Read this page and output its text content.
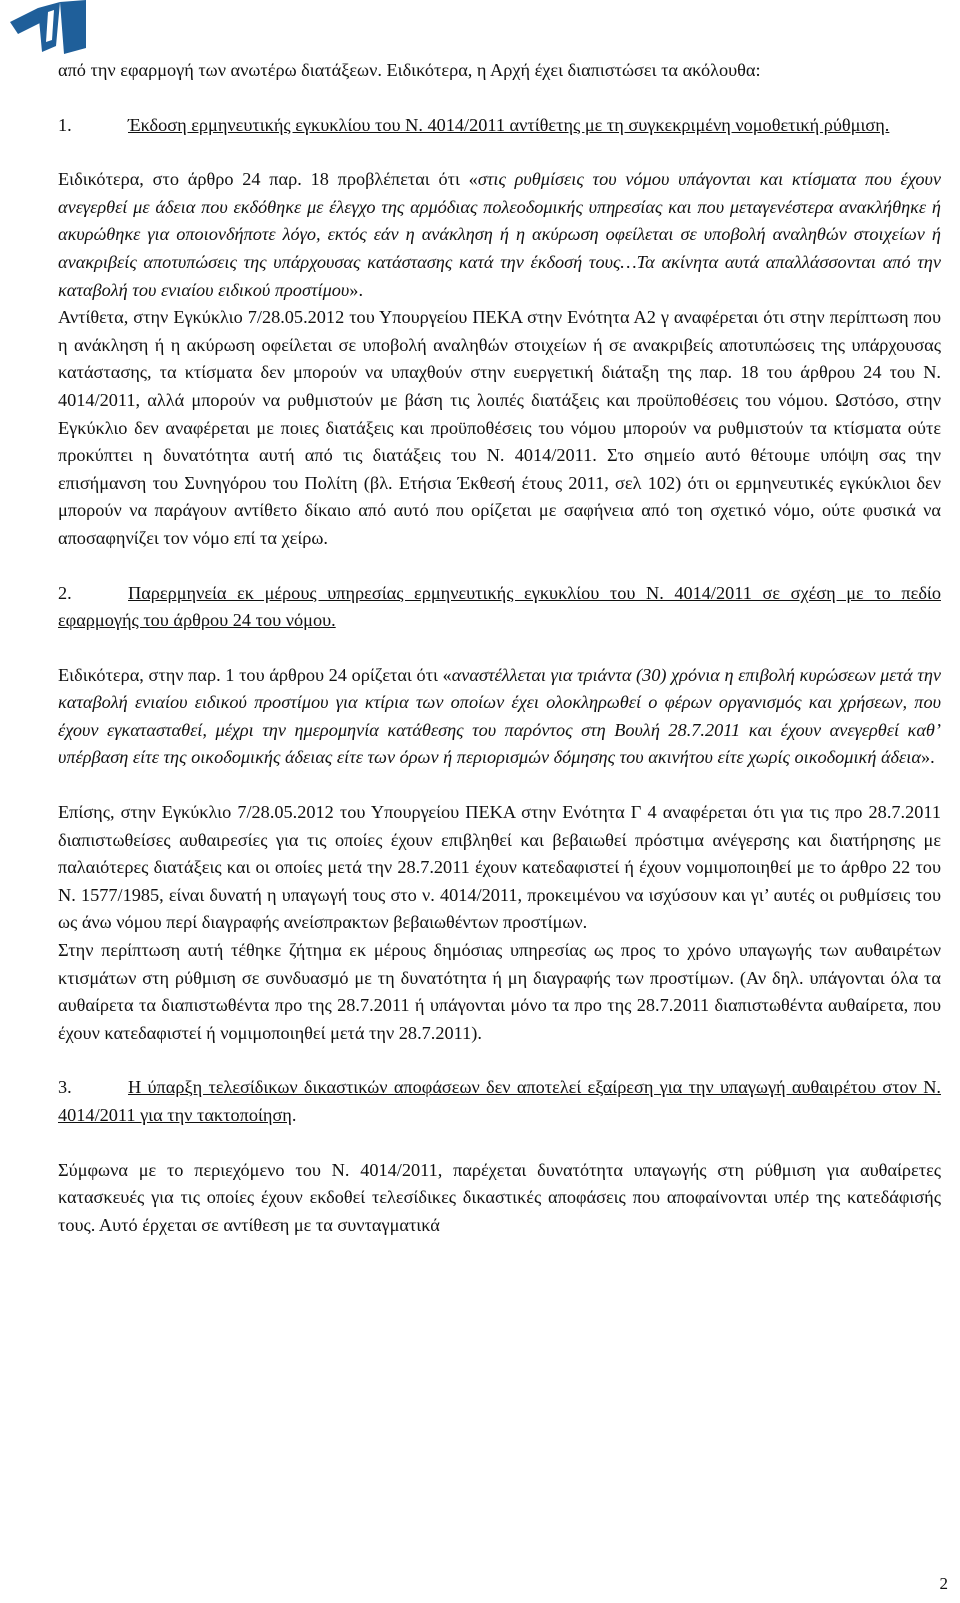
από την εφαρμογή των ανωτέρω διατάξεων. Ειδικότερα, η Αρχή έχει διαπιστώσει τα ακόλουθα:

1.	Έκδοση ερμηνευτικής εγκυκλίου του Ν. 4014/2011 αντίθετης με τη συγκεκριμένη νομοθετική ρύθμιση.

Ειδικότερα, στο άρθρο 24 παρ. 18 προβλέπεται ότι «στις ρυθμίσεις του νόμου υπάγονται και κτίσματα που έχουν ανεγερθεί με άδεια που εκδόθηκε με έλεγχο της αρμόδιας πολεοδομικής υπηρεσίας και που μεταγενέστερα ανακλήθηκε ή ακυρώθηκε για οποιονδήποτε λόγο, εκτός εάν η ανάκληση ή η ακύρωση οφείλεται σε υποβολή αναληθών στοιχείων ή ανακριβείς αποτυπώσεις της υπάρχουσας κατάστασης κατά την έκδοσή τους…Τα ακίνητα αυτά απαλλάσσονται από την καταβολή του ενιαίου ειδικού προστίμου».

Αντίθετα, στην Εγκύκλιο 7/28.05.2012 του Υπουργείου ΠΕΚΑ στην Ενότητα Α2 γ αναφέρεται ότι στην περίπτωση που η ανάκληση ή η ακύρωση οφείλεται σε υποβολή αναληθών στοιχείων ή σε ανακριβείς αποτυπώσεις της υπάρχουσας κατάστασης, τα κτίσματα δεν μπορούν να υπαχθούν στην ευεργετική διάταξη της παρ. 18 του άρθρου 24 του Ν. 4014/2011, αλλά μπορούν να ρυθμιστούν με βάση τις λοιπές διατάξεις και προϋποθέσεις του νόμου. Ωστόσο, στην Εγκύκλιο δεν αναφέρεται με ποιες διατάξεις και προϋποθέσεις του νόμου μπορούν να ρυθμιστούν τα κτίσματα ούτε προκύπτει η δυνατότητα αυτή από τις διατάξεις του Ν. 4014/2011. Στο σημείο αυτό θέτουμε υπόψη σας την επισήμανση του Συνηγόρου του Πολίτη (βλ. Ετήσια Έκθεσή έτους 2011, σελ 102) ότι οι ερμηνευτικές εγκύκλιοι δεν μπορούν να παράγουν αντίθετο δίκαιο από αυτό που ορίζεται με σαφήνεια από τοη σχετικό νόμο, ούτε φυσικά να αποσαφηνίζει τον νόμο επί τα χείρω.

2.	Παρερμηνεία εκ μέρους υπηρεσίας ερμηνευτικής εγκυκλίου του Ν. 4014/2011 σε σχέση με το πεδίο εφαρμογής του άρθρου 24 του νόμου.

Ειδικότερα, στην παρ. 1 του άρθρου 24 ορίζεται ότι «αναστέλλεται για τριάντα (30) χρόνια η επιβολή κυρώσεων μετά την καταβολή ενιαίου ειδικού προστίμου για κτίρια των οποίων έχει ολοκληρωθεί ο φέρων οργανισμός και χρήσεων, που έχουν εγκατασταθεί, μέχρι την ημερομηνία κατάθεσης του παρόντος στη Βουλή 28.7.2011 και έχουν ανεγερθεί καθ’ υπέρβαση είτε της οικοδομικής άδειας είτε των όρων ή περιορισμών δόμησης του ακινήτου είτε χωρίς οικοδομική άδεια».

Επίσης, στην Εγκύκλιο 7/28.05.2012 του Υπουργείου ΠΕΚΑ στην Ενότητα Γ 4 αναφέρεται ότι για τις προ 28.7.2011 διαπιστωθείσες αυθαιρεσίες για τις οποίες έχουν επιβληθεί και βεβαιωθεί πρόστιμα ανέγερσης και διατήρησης με παλαιότερες διατάξεις και οι οποίες μετά την 28.7.2011 έχουν κατεδαφιστεί ή έχουν νομιμοποιηθεί με το άρθρο 22 του Ν. 1577/1985, είναι δυνατή η υπαγωγή τους στο ν. 4014/2011, προκειμένου να ισχύσουν και γι’ αυτές οι ρυθμίσεις του ως άνω νόμου περί διαγραφής ανείσπρακτων βεβαιωθέντων προστίμων.

Στην περίπτωση αυτή τέθηκε ζήτημα εκ μέρους δημόσιας υπηρεσίας ως προς το χρόνο υπαγωγής των αυθαιρέτων κτισμάτων στη ρύθμιση σε συνδυασμό με τη δυνατότητα ή μη διαγραφής των προστίμων. (Αν δηλ. υπάγονται όλα τα αυθαίρετα τα διαπιστωθέντα προ της 28.7.2011 ή υπάγονται μόνο τα προ της 28.7.2011 διαπιστωθέντα αυθαίρετα, που έχουν κατεδαφιστεί ή νομιμοποιηθεί μετά την 28.7.2011).

3.	Η ύπαρξη τελεσίδικων δικαστικών αποφάσεων δεν αποτελεί εξαίρεση για την υπαγωγή αυθαιρέτου στον Ν. 4014/2011 για την τακτοποίηση.

Σύμφωνα με το περιεχόμενο του Ν. 4014/2011, παρέχεται δυνατότητα υπαγωγής στη ρύθμιση για αυθαίρετες κατασκευές για τις οποίες έχουν εκδοθεί τελεσίδικες δικαστικές αποφάσεις που αποφαίνονται υπέρ της κατεδάφισής τους. Αυτό έρχεται σε αντίθεση με τα συνταγματικά

2
